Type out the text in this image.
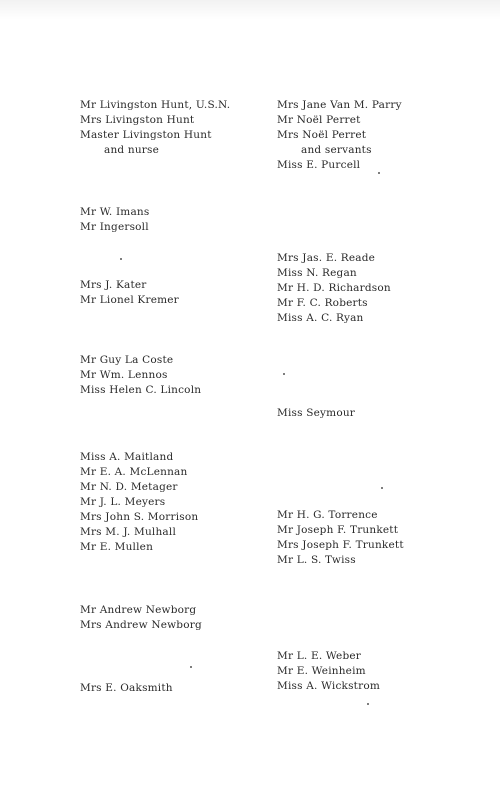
Mr Livingston Hunt, U.S.N.
Mrs Livingston Hunt
Master Livingston Hunt
and nurse
Mr W. Imans
Mr Ingersoll
Mrs J. Kater
Mr Lionel Kremer
Mr Guy La Coste
Mr Wm. Lennos
Miss Helen C. Lincoln
Miss A. Maitland
Mr E. A. McLennan
Mr N. D. Metager
Mr J. L. Meyers
Mrs John S. Morrison
Mrs M. J. Mulhall
Mr E. Mullen
Mr Andrew Newborg
Mrs Andrew Newborg
Mrs E. Oaksmith
Mrs Jane Van M. Parry
Mr Noël Perret
Mrs Noël Perret
and servants
Miss E. Purcell
Mrs Jas. E. Reade
Miss N. Regan
Mr H. D. Richardson
Mr F. C. Roberts
Miss A. C. Ryan
Miss Seymour
Mr H. G. Torrence
Mr Joseph F. Trunkett
Mrs Joseph F. Trunkett
Mr L. S. Twiss
Mr L. E. Weber
Mr E. Weinheim
Miss A. Wickstrom
